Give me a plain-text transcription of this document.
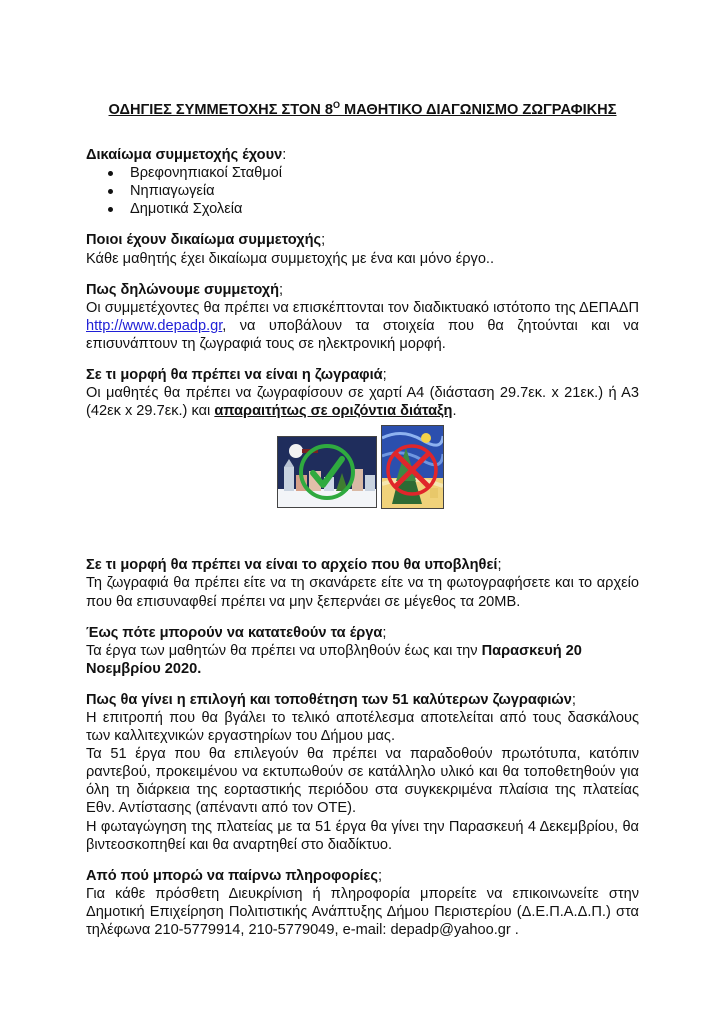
ΟΔΗΓΙΕΣ ΣΥΜΜΕΤΟΧΗΣ ΣΤΟΝ $8^O$ ΜΑΘΗΤΙΚΟ ΔΙΑΓΩΝΙΣΜΟ ΖΩΓΡΑΦΙΚΗΣ
Δικαίωμα συμμετοχής έχουν:
Βρεφονηπιακοί Σταθμοί
Νηπιαγωγεία
Δημοτικά Σχολεία
Ποιοι έχουν δικαίωμα συμμετοχής;

Κάθε μαθητής έχει δικαίωμα συμμετοχής με ένα και μόνο έργο..

Πως δηλώνουμε συμμετοχή;

Οι συμμετέχοντες θα πρέπει να επισκέπτονται τον διαδικτυακό ιστότοπο της ΔΕΠΑΔΠ http://www.depadp.gr, να υποβάλουν τα στοιχεία που θα ζητούνται και να επισυνάπτουν τη ζωγραφιά τους σε ηλεκτρονική μορφή.

Σε τι μορφή θα πρέπει να είναι η ζωγραφιά;

Οι μαθητές θα πρέπει να ζωγραφίσουν σε χαρτί Α4 (διάσταση 29.7εκ. x 21εκ.) ή Α3 (42εκ x 29.7εκ.) και απαραιτήτως σε οριζόντια διάταξη.

Σε τι μορφή θα πρέπει να είναι το αρχείο που θα υποβληθεί;

Τη ζωγραφιά θα πρέπει είτε να τη σκανάρετε είτε να τη φωτογραφήσετε και το αρχείο που θα επισυναφθεί πρέπει να μην ξεπερνάει σε μέγεθος τα 20MB.

Έως πότε μπορούν να κατατεθούν τα έργα;

Τα έργα των μαθητών θα πρέπει να υποβληθούν έως και την Παρασκευή 20 Νοεμβρίου 2020.

Πως θα γίνει η επιλογή και τοποθέτηση των 51 καλύτερων ζωγραφιών;

Η επιτροπή που θα βγάλει το τελικό αποτέλεσμα αποτελείται από τους δασκάλους των καλλιτεχνικών εργαστηρίων του Δήμου μας.

Τα 51 έργα που θα επιλεγούν θα πρέπει να παραδοθούν πρωτότυπα, κατόπιν ραντεβού, προκειμένου να εκτυπωθούν σε κατάλληλο υλικό και θα τοποθετηθούν για όλη τη διάρκεια της εορταστικής περιόδου στα συγκεκριμένα πλαίσια της πλατείας Εθν. Αντίστασης (απέναντι από τον ΟΤΕ).

Η φωταγώγηση της πλατείας με τα 51 έργα θα γίνει την Παρασκευή 4 Δεκεμβρίου, θα βιντεοσκοπηθεί και θα αναρτηθεί στο διαδίκτυο.

Από πού μπορώ να παίρνω πληροφορίες;

Για κάθε πρόσθετη Διευκρίνιση ή πληροφορία μπορείτε να επικοινωνείτε στην Δημοτική Επιχείρηση Πολιτιστικής Ανάπτυξης Δήμου Περιστερίου (Δ.Ε.Π.Α.Δ.Π.) στα τηλέφωνα 210-5779914, 210-5779049, e-mail: depadp@yahoo.gr .
